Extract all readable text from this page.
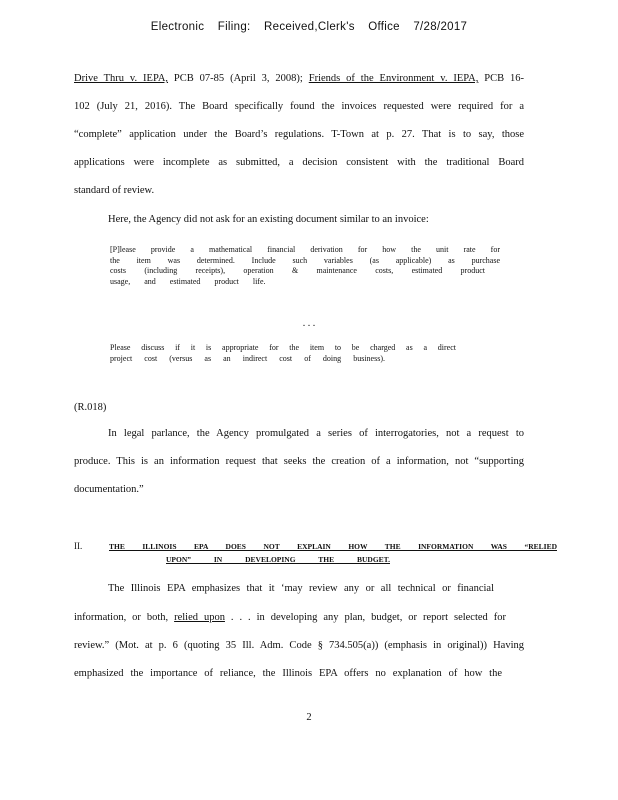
Electronic Filing: Received,Clerk's Office 7/28/2017
Drive Thru v. IEPA, PCB 07-85 (April 3, 2008); Friends of the Environment v. IEPA, PCB 16-
102 (July 21, 2016). The Board specifically found the invoices requested were required for a
“complete” application under the Board’s regulations. T-Town at p. 27. That is to say, those
applications were incomplete as submitted, a decision consistent with the traditional Board
standard of review.
Here, the Agency did not ask for an existing document similar to an invoice:
[P]lease provide a mathematical financial derivation for how the unit rate for
the item was determined. Include such variables (as applicable) as purchase
costs (including receipts), operation & maintenance costs, estimated product
usage, and estimated product life.
. . .
Please discuss if it is appropriate for the item to be charged as a direct
project cost (versus as an indirect cost of doing business).
(R.018)
In legal parlance, the Agency promulgated a series of interrogatories, not a request to
produce. This is an information request that seeks the creation of a information, not “supporting
documentation.”
II.	THE ILLINOIS EPA DOES NOT EXPLAIN HOW THE INFORMATION WAS “RELIED
UPON” IN DEVELOPING THE BUDGET.
The Illinois EPA emphasizes that it ‘may review any or all technical or financial
information, or both, relied upon . . . in developing any plan, budget, or report selected for
review.” (Mot. at p. 6 (quoting 35 Ill. Adm. Code § 734.505(a)) (emphasis in original)) Having
emphasized the importance of reliance, the Illinois EPA offers no explanation of how the
2
